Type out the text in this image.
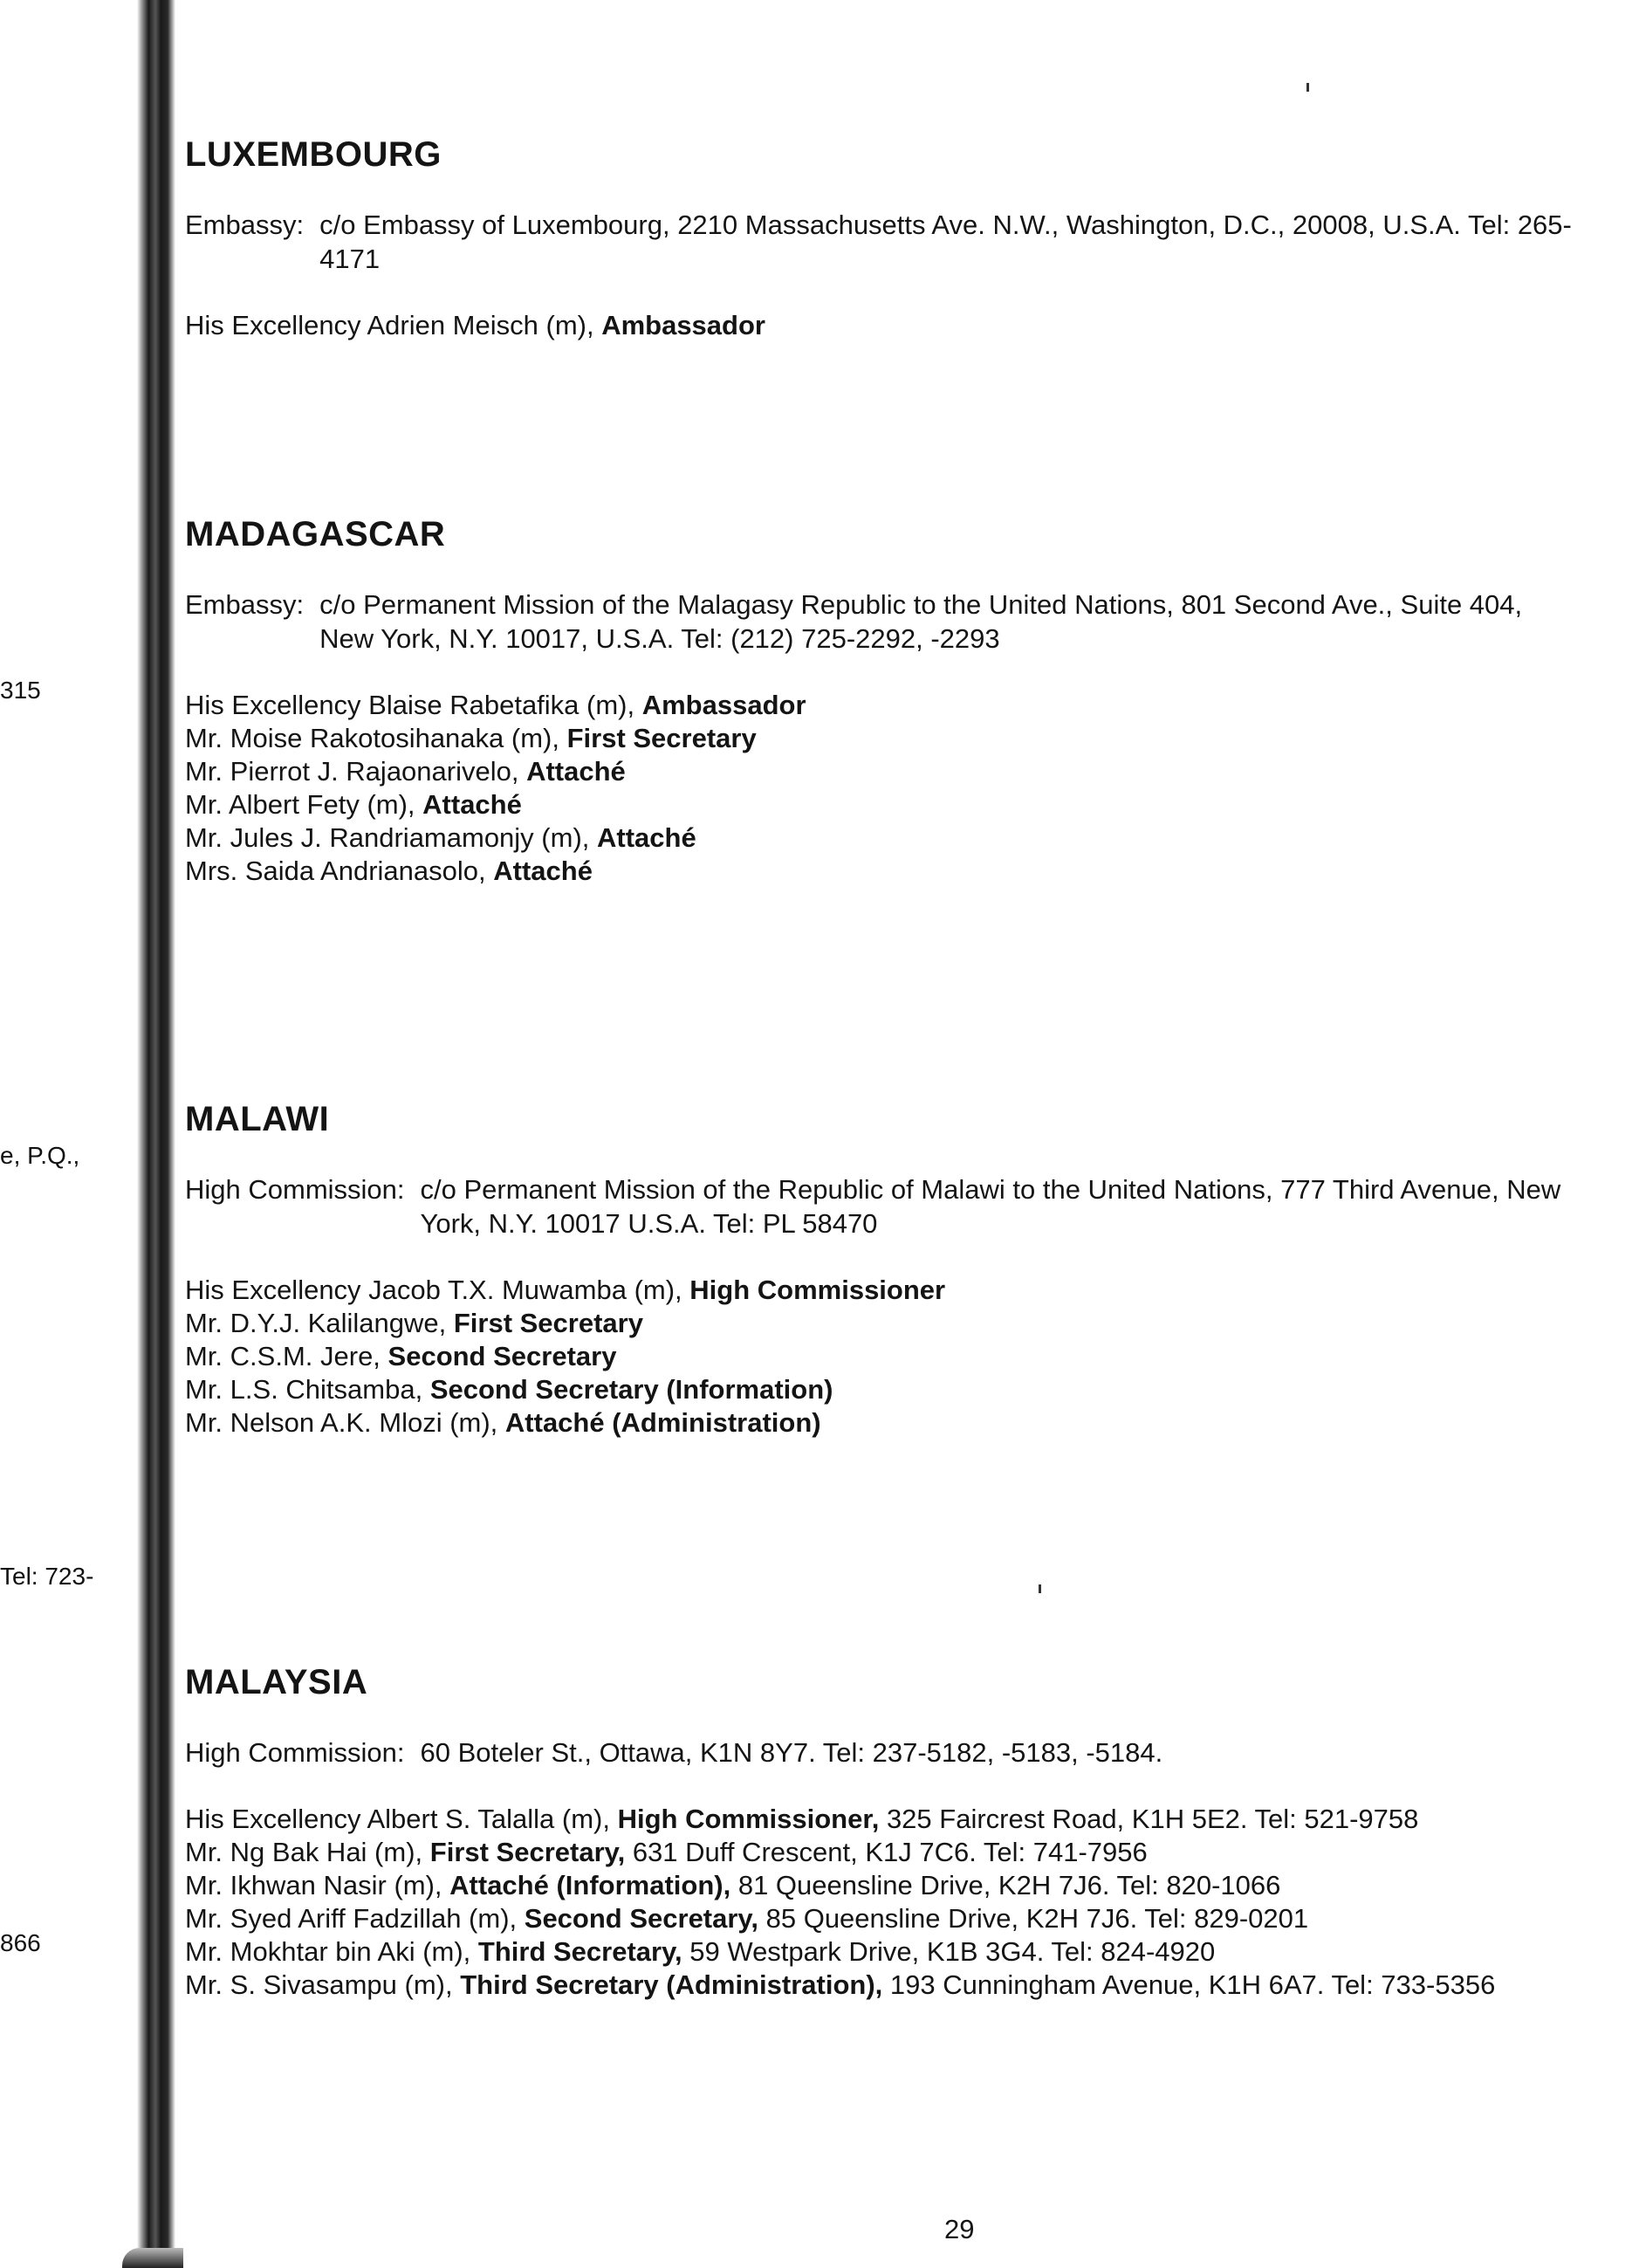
315
e, P.Q.,
Tel: 723-
866
LUXEMBOURG
Embassy: c/o Embassy of Luxembourg, 2210 Massachusetts Ave. N.W., Washington, D.C., 20008, U.S.A. Tel: 265-4171
His Excellency Adrien Meisch (m), Ambassador
MADAGASCAR
Embassy: c/o Permanent Mission of the Malagasy Republic to the United Nations, 801 Second Ave., Suite 404, New York, N.Y. 10017, U.S.A. Tel: (212) 725-2292, -2293
His Excellency Blaise Rabetafika (m), Ambassador
Mr. Moise Rakotosihanaka (m), First Secretary
Mr. Pierrot J. Rajaonarivelo, Attaché
Mr. Albert Fety (m), Attaché
Mr. Jules J. Randriamamonjy (m), Attaché
Mrs. Saida Andrianasolo, Attaché
MALAWI
High Commission: c/o Permanent Mission of the Republic of Malawi to the United Nations, 777 Third Avenue, New York, N.Y. 10017 U.S.A. Tel: PL 58470
His Excellency Jacob T.X. Muwamba (m), High Commissioner
Mr. D.Y.J. Kalilangwe, First Secretary
Mr. C.S.M. Jere, Second Secretary
Mr. L.S. Chitsamba, Second Secretary (Information)
Mr. Nelson A.K. Mlozi (m), Attaché (Administration)
MALAYSIA
High Commission: 60 Boteler St., Ottawa, K1N 8Y7. Tel: 237-5182, -5183, -5184.
His Excellency Albert S. Talalla (m), High Commissioner, 325 Faircrest Road, K1H 5E2. Tel: 521-9758
Mr. Ng Bak Hai (m), First Secretary, 631 Duff Crescent, K1J 7C6. Tel: 741-7956
Mr. Ikhwan Nasir (m), Attaché (Information), 81 Queensline Drive, K2H 7J6. Tel: 820-1066
Mr. Syed Ariff Fadzillah (m), Second Secretary, 85 Queensline Drive, K2H 7J6. Tel: 829-0201
Mr. Mokhtar bin Aki (m), Third Secretary, 59 Westpark Drive, K1B 3G4. Tel: 824-4920
Mr. S. Sivasampu (m), Third Secretary (Administration), 193 Cunningham Avenue, K1H 6A7. Tel: 733-5356
29
